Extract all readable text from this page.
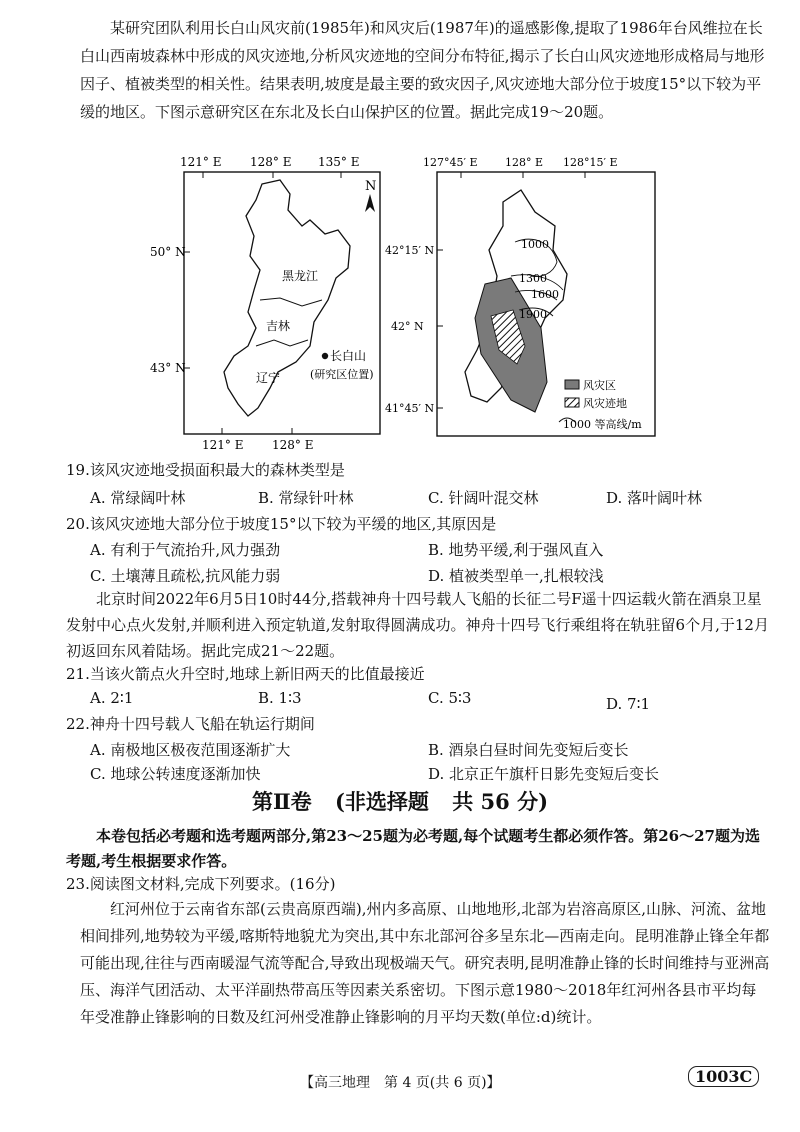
某研究团队利用长白山风灾前(1985年)和风灾后(1987年)的遥感影像,提取了1986年台风维拉在长白山西南坡森林中形成的风灾迹地,分析风灾迹地的空间分布特征,揭示了长白山风灾迹地形成格局与地形因子、植被类型的相关性。结果表明,坡度是最主要的致灾因子,风灾迹地大部分位于坡度15°以下较为平缓的地区。下图示意研究区在东北及长白山保护区的位置。据此完成19～20题。

121° E 128° E 135° E
50° N
43° N
121° E 128° E
黑龙江
吉林
辽宁
N
长白山
(研究区位置)
127°45′ E 128° E 128°15′ E
42°15′ N
42° N
41°45′ N
1000
1300
1600
1900
风灾区
风灾迹地
1000 等高线/m

19.该风灾迹地受损面积最大的森林类型是

A. 常绿阔叶林	B. 常绿针叶林	C. 针阔叶混交林	D. 落叶阔叶林

20.该风灾迹地大部分位于坡度15°以下较为平缓的地区,其原因是

A. 有利于气流抬升,风力强劲	B. 地势平缓,利于强风直入

C. 土壤薄且疏松,抗风能力弱	D. 植被类型单一,扎根较浅

北京时间2022年6月5日10时44分,搭载神舟十四号载人飞船的长征二号F遥十四运载火箭在酒泉卫星发射中心点火发射,并顺利进入预定轨道,发射取得圆满成功。神舟十四号飞行乘组将在轨驻留6个月,于12月初返回东风着陆场。据此完成21～22题。

21.当该火箭点火升空时,地球上新旧两天的比值最接近

A. 2∶1	B. 1∶3	C. 5∶3	D. 7∶1

22.神舟十四号载人飞船在轨运行期间

A. 南极地区极夜范围逐渐扩大	B. 酒泉白昼时间先变短后变长

C. 地球公转速度逐渐加快	D. 北京正午旗杆日影先变短后变长

第Ⅱ卷 (非选择题 共 56 分)

本卷包括必考题和选考题两部分,第23～25题为必考题,每个试题考生都必须作答。第26～27题为选考题,考生根据要求作答。

23.阅读图文材料,完成下列要求。(16分)

红河州位于云南省东部(云贵高原西端),州内多高原、山地地形,北部为岩溶高原区,山脉、河流、盆地相间排列,地势较为平缓,喀斯特地貌尤为突出,其中东北部河谷多呈东北—西南走向。昆明准静止锋全年都可能出现,往往与西南暖湿气流等配合,导致出现极端天气。研究表明,昆明准静止锋的长时间维持与亚洲高压、海洋气团活动、太平洋副热带高压等因素关系密切。下图示意1980～2018年红河州各县市平均每年受准静止锋影响的日数及红河州受准静止锋影响的月平均天数(单位:d)统计。

【高三地理　第 4 页(共 6 页)】	1003C
